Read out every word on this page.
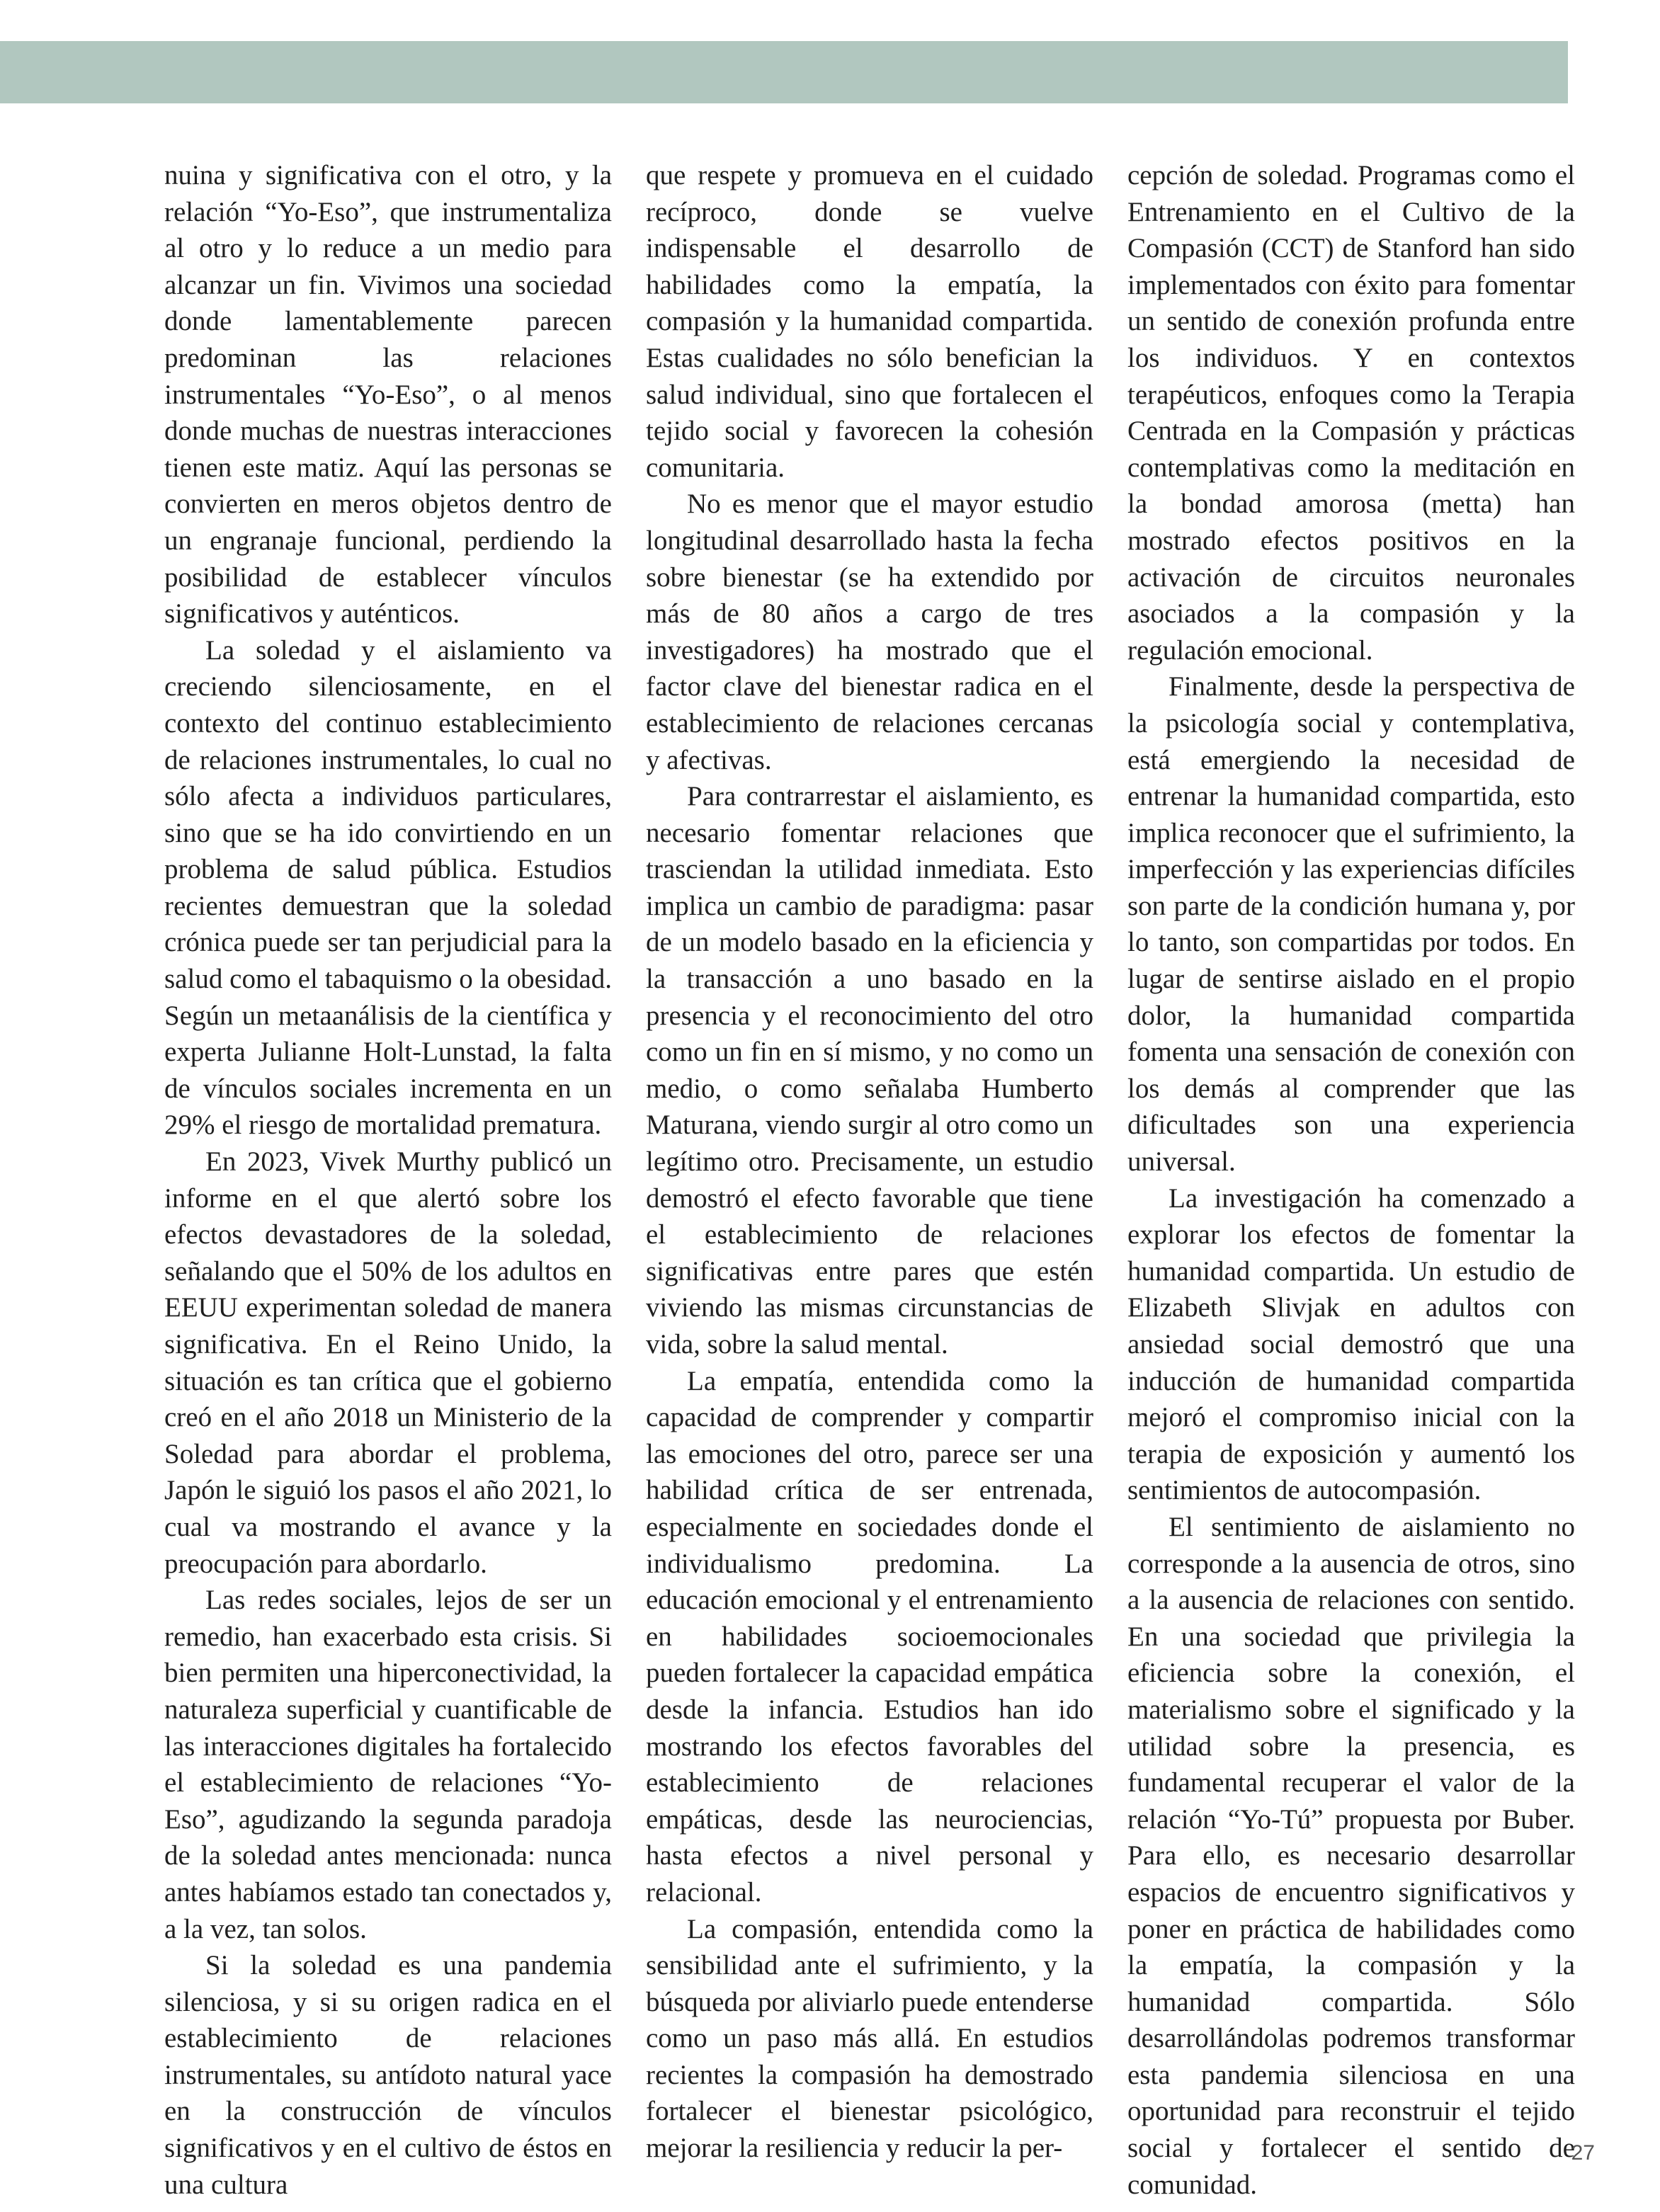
nuina y significativa con el otro, y la relación “Yo-Eso”, que instrumentaliza al otro y lo reduce a un medio para alcanzar un fin. Vivimos una sociedad donde lamentablemente parecen predominan las relaciones instrumentales “Yo-Eso”, o al menos donde muchas de nuestras interacciones tienen este matiz. Aquí las personas se convierten en meros objetos dentro de un engranaje funcional, perdiendo la posibilidad de establecer vínculos significativos y auténticos.

La soledad y el aislamiento va creciendo silenciosamente, en el contexto del continuo establecimiento de relaciones instrumentales, lo cual no sólo afecta a individuos particulares, sino que se ha ido convirtiendo en un problema de salud pública. Estudios recientes demuestran que la soledad crónica puede ser tan perjudicial para la salud como el tabaquismo o la obesidad. Según un metaanálisis de la científica y experta Julianne Holt-Lunstad, la falta de vínculos sociales incrementa en un 29% el riesgo de mortalidad prematura.

En 2023, Vivek Murthy publicó un informe en el que alertó sobre los efectos devastadores de la soledad, señalando que el 50% de los adultos en EEUU experimentan soledad de manera significativa. En el Reino Unido, la situación es tan crítica que el gobierno creó en el año 2018 un Ministerio de la Soledad para abordar el problema, Japón le siguió los pasos el año 2021, lo cual va mostrando el avance y la preocupación para abordarlo.

Las redes sociales, lejos de ser un remedio, han exacerbado esta crisis. Si bien permiten una hiperconectividad, la naturaleza superficial y cuantificable de las interacciones digitales ha fortalecido el establecimiento de relaciones “Yo-Eso”, agudizando la segunda paradoja de la soledad antes mencionada: nunca antes habíamos estado tan conectados y, a la vez, tan solos.

Si la soledad es una pandemia silenciosa, y si su origen radica en el establecimiento de relaciones instrumentales, su antídoto natural yace en la construcción de vínculos significativos y en el cultivo de éstos en una cultura

que respete y promueva en el cuidado recíproco, donde se vuelve indispensable el desarrollo de habilidades como la empatía, la compasión y la humanidad compartida. Estas cualidades no sólo benefician la salud individual, sino que fortalecen el tejido social y favorecen la cohesión comunitaria.

No es menor que el mayor estudio longitudinal desarrollado hasta la fecha sobre bienestar (se ha extendido por más de 80 años a cargo de tres investigadores) ha mostrado que el factor clave del bienestar radica en el establecimiento de relaciones cercanas y afectivas.

Para contrarrestar el aislamiento, es necesario fomentar relaciones que trasciendan la utilidad inmediata. Esto implica un cambio de paradigma: pasar de un modelo basado en la eficiencia y la transacción a uno basado en la presencia y el reconocimiento del otro como un fin en sí mismo, y no como un medio, o como señalaba Humberto Maturana, viendo surgir al otro como un legítimo otro. Precisamente, un estudio demostró el efecto favorable que tiene el establecimiento de relaciones significativas entre pares que estén viviendo las mismas circunstancias de vida, sobre la salud mental.

La empatía, entendida como la capacidad de comprender y compartir las emociones del otro, parece ser una habilidad crítica de ser entrenada, especialmente en sociedades donde el individualismo predomina. La educación emocional y el entrenamiento en habilidades socioemocionales pueden fortalecer la capacidad empática desde la infancia. Estudios han ido mostrando los efectos favorables del establecimiento de relaciones empáticas, desde las neurociencias, hasta efectos a nivel personal y relacional.

La compasión, entendida como la sensibilidad ante el sufrimiento, y la búsqueda por aliviarlo puede entenderse como un paso más allá. En estudios recientes la compasión ha demostrado fortalecer el bienestar psicológico, mejorar la resiliencia y reducir la per-

cepción de soledad. Programas como el Entrenamiento en el Cultivo de la Compasión (CCT) de Stanford han sido implementados con éxito para fomentar un sentido de conexión profunda entre los individuos. Y en contextos terapéuticos, enfoques como la Terapia Centrada en la Compasión y prácticas contemplativas como la meditación en la bondad amorosa (metta) han mostrado efectos positivos en la activación de circuitos neuronales asociados a la compasión y la regulación emocional.

Finalmente, desde la perspectiva de la psicología social y contemplativa, está emergiendo la necesidad de entrenar la humanidad compartida, esto implica reconocer que el sufrimiento, la imperfección y las experiencias difíciles son parte de la condición humana y, por lo tanto, son compartidas por todos. En lugar de sentirse aislado en el propio dolor, la humanidad compartida fomenta una sensación de conexión con los demás al comprender que las dificultades son una experiencia universal.

La investigación ha comenzado a explorar los efectos de fomentar la humanidad compartida. Un estudio de Elizabeth Slivjak en adultos con ansiedad social demostró que una inducción de humanidad compartida mejoró el compromiso inicial con la terapia de exposición y aumentó los sentimientos de autocompasión.

El sentimiento de aislamiento no corresponde a la ausencia de otros, sino a la ausencia de relaciones con sentido. En una sociedad que privilegia la eficiencia sobre la conexión, el materialismo sobre el significado y la utilidad sobre la presencia, es fundamental recuperar el valor de la relación “Yo-Tú” propuesta por Buber. Para ello, es necesario desarrollar espacios de encuentro significativos y poner en práctica de habilidades como la empatía, la compasión y la humanidad compartida. Sólo desarrollándolas podremos transformar esta pandemia silenciosa en una oportunidad para reconstruir el tejido social y fortalecer el sentido de comunidad.

27
